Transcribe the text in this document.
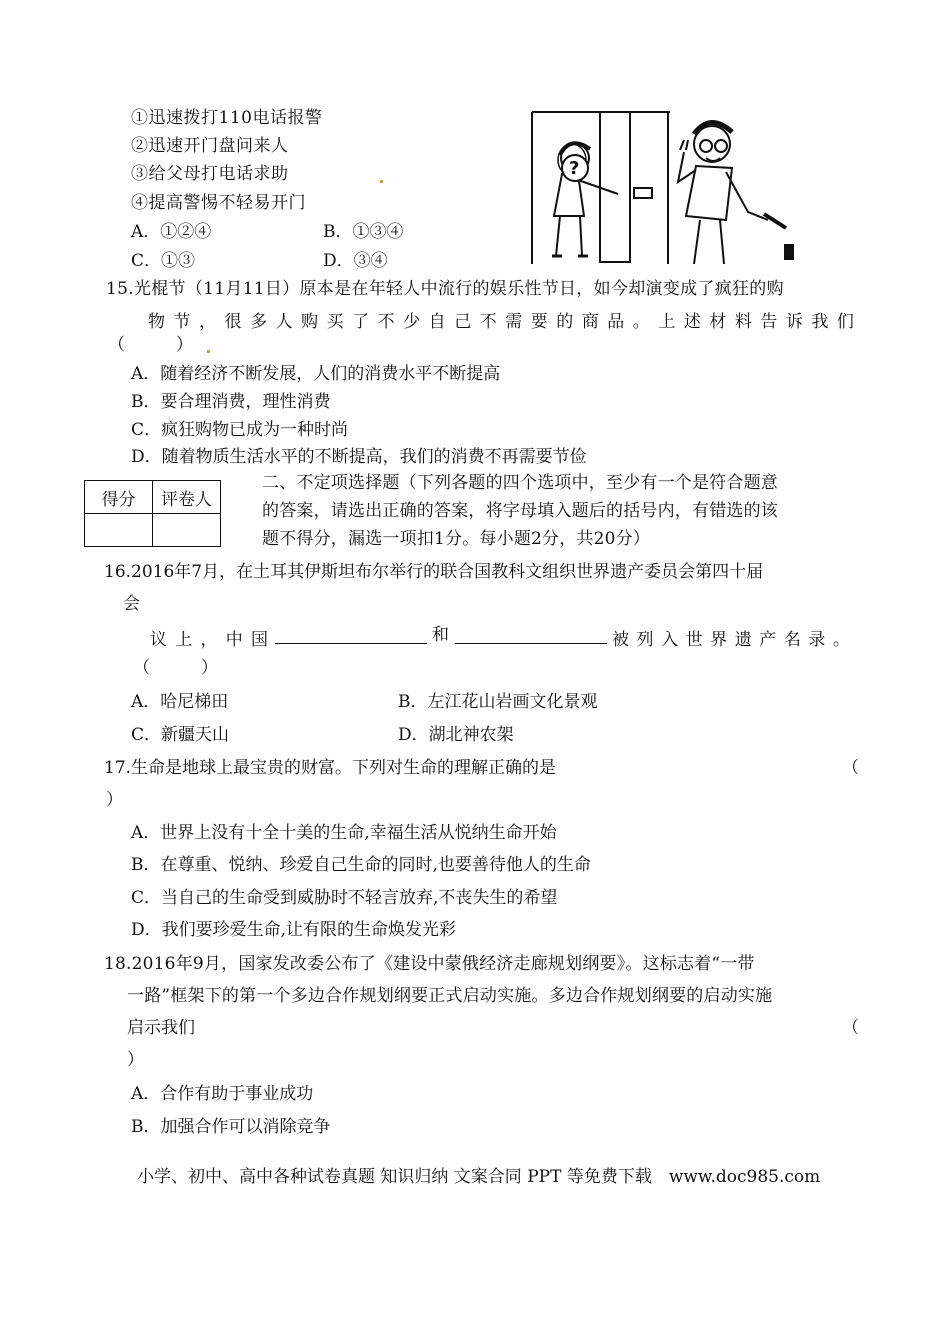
①迅速拨打110电话报警
②迅速开门盘问来人
③给父母打电话求助
④提高警惕不轻易开门
A．①②④	B．①③④
C．①③	D．③④
?
15.光棍节（11月11日）原本是在年轻人中流行的娱乐性节日，如今却演变成了疯狂的购
物 节 ， 很 多 人 购 买 了 不 少 自 己 不 需 要 的 商 品 。 上 述 材 料 告 诉 我 们
（　　　）
A．随着经济不断发展，人们的消费水平不断提高
B．要合理消费，理性消费
C．疯狂购物已成为一种时尚
D．随着物质生活水平的不断提高，我们的消费不再需要节俭
得分	评卷人

二、不定项选择题（下列各题的四个选项中，至少有一个是符合题意
的答案，请选出正确的答案，将字母填入题后的括号内，有错选的该
题不得分，漏选一项扣1分。每小题2分，共20分）
16.2016年7月，在土耳其伊斯坦布尔举行的联合国教科文组织世界遗产委员会第四十届
会
议 上 ， 中 国	和	被 列 入 世 界 遗 产 名 录 。
（　　　）
A．哈尼梯田	B．左江花山岩画文化景观
C．新疆天山	D．湖北神农架
17.生命是地球上最宝贵的财富。下列对生命的理解正确的是	（
）
A．世界上没有十全十美的生命,幸福生活从悦纳生命开始
B．在尊重、悦纳、珍爱自己生命的同时,也要善待他人的生命
C．当自己的生命受到威胁时不轻言放弃,不丧失生的希望
D．我们要珍爱生命,让有限的生命焕发光彩
18.2016年9月，国家发改委公布了《建设中蒙俄经济走廊规划纲要》。这标志着“一带
一路”框架下的第一个多边合作规划纲要正式启动实施。多边合作规划纲要的启动实施
启示我们	（
）
A．合作有助于事业成功
B．加强合作可以消除竞争
小学、初中、高中各种试卷真题 知识归纳 文案合同 PPT 等免费下载　www.doc985.com
